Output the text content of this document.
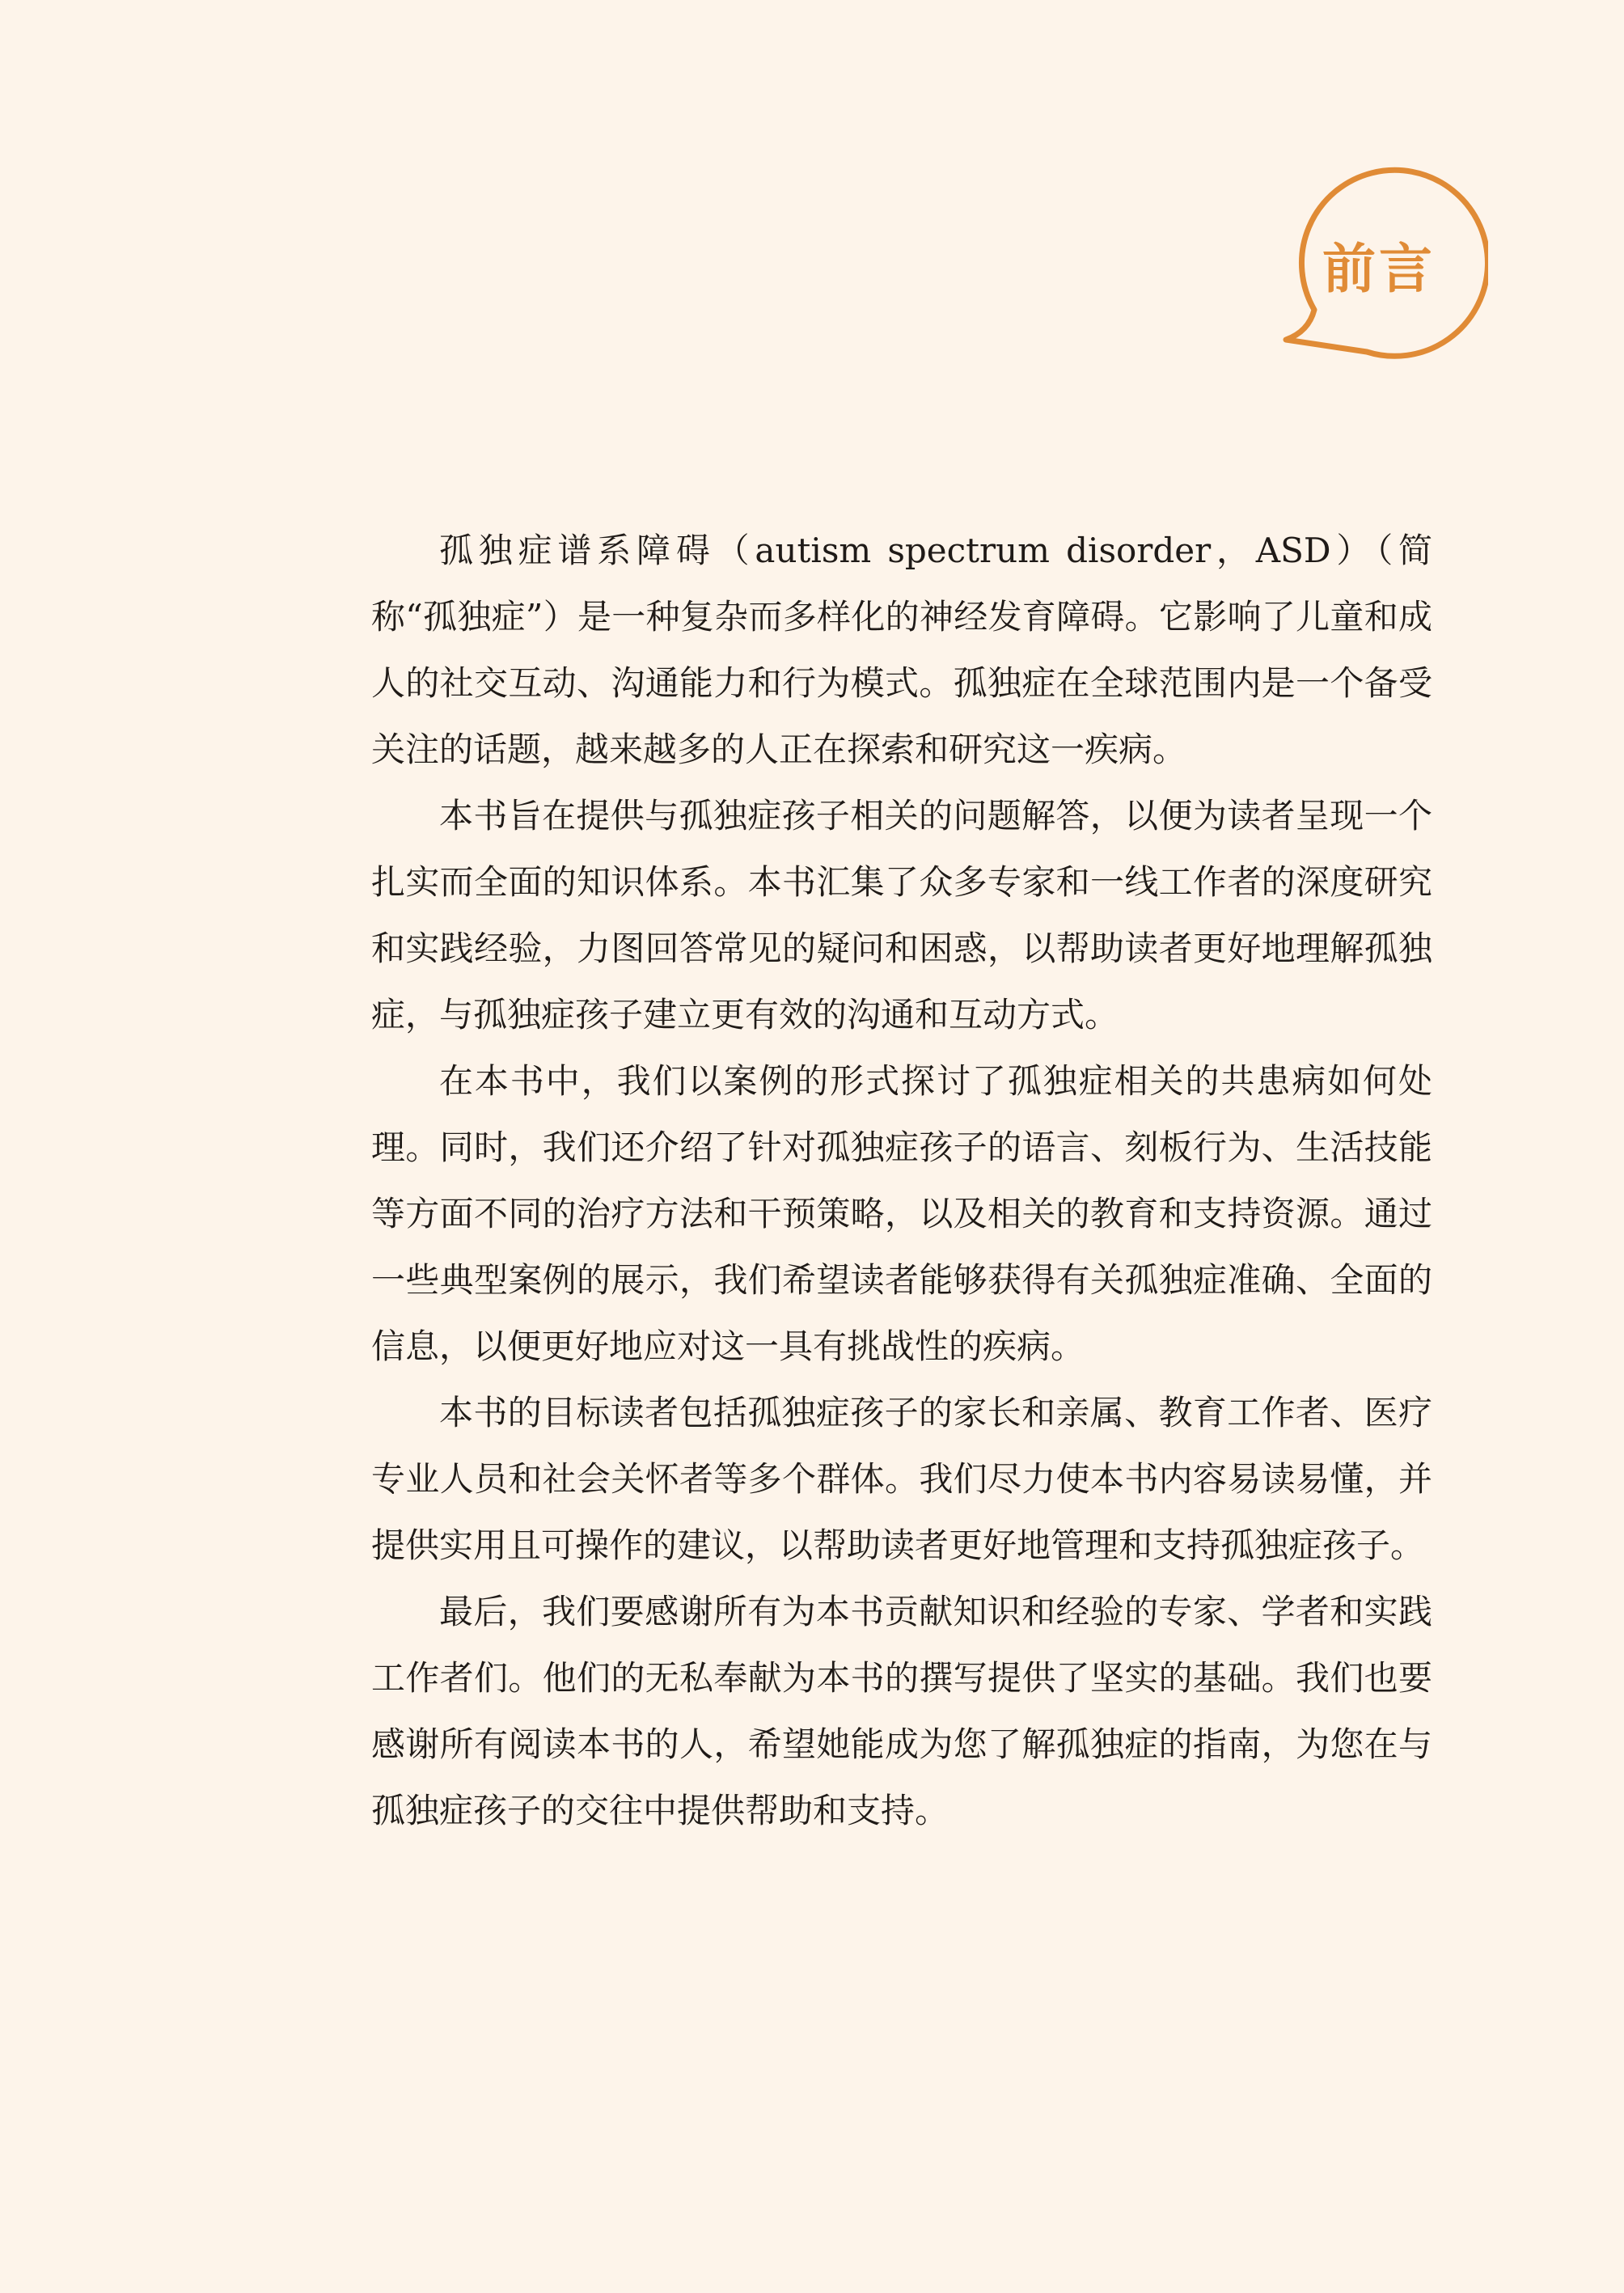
前言

孤独症谱系障碍（autism spectrum disorder，ASD）（简称“孤独症”）是一种复杂而多样化的神经发育障碍。它影响了儿童和成人的社交互动、沟通能力和行为模式。孤独症在全球范围内是一个备受关注的话题，越来越多的人正在探索和研究这一疾病。

本书旨在提供与孤独症孩子相关的问题解答，以便为读者呈现一个扎实而全面的知识体系。本书汇集了众多专家和一线工作者的深度研究和实践经验，力图回答常见的疑问和困惑，以帮助读者更好地理解孤独症，与孤独症孩子建立更有效的沟通和互动方式。

在本书中，我们以案例的形式探讨了孤独症相关的共患病如何处理。同时，我们还介绍了针对孤独症孩子的语言、刻板行为、生活技能等方面不同的治疗方法和干预策略，以及相关的教育和支持资源。通过一些典型案例的展示，我们希望读者能够获得有关孤独症准确、全面的信息，以便更好地应对这一具有挑战性的疾病。

本书的目标读者包括孤独症孩子的家长和亲属、教育工作者、医疗专业人员和社会关怀者等多个群体。我们尽力使本书内容易读易懂，并提供实用且可操作的建议，以帮助读者更好地管理和支持孤独症孩子。

最后，我们要感谢所有为本书贡献知识和经验的专家、学者和实践工作者们。他们的无私奉献为本书的撰写提供了坚实的基础。我们也要感谢所有阅读本书的人，希望她能成为您了解孤独症的指南，为您在与孤独症孩子的交往中提供帮助和支持。
